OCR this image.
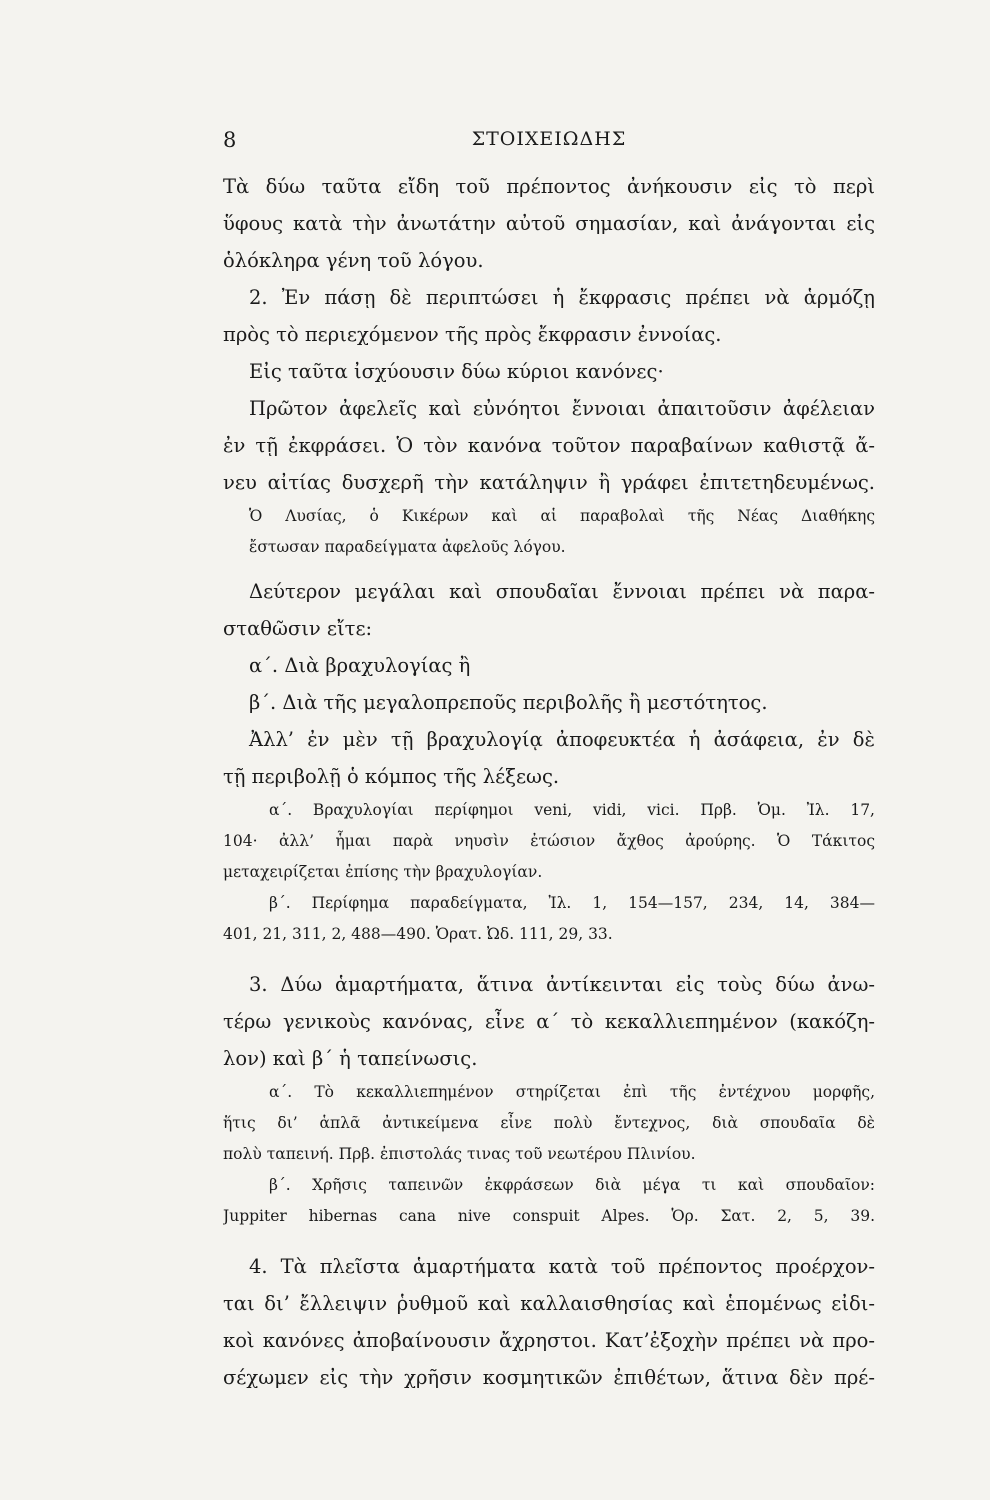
8	ΣΤΟΙΧΕΙΩΔΗΣ
Τὰ δύω ταῦτα εἴδη τοῦ πρέποντος ἀνήκουσιν εἰς τὸ περὶ
ὕφους κατὰ τὴν ἀνωτάτην αὐτοῦ σημασίαν, καὶ ἀνάγονται εἰς
ὁλόκληρα γένη τοῦ λόγου.
2. Ἐν πάσῃ δὲ περιπτώσει ἡ ἔκφρασις πρέπει νὰ ἁρμόζῃ
πρὸς τὸ περιεχόμενον τῆς πρὸς ἔκφρασιν ἐννοίας.
Εἰς ταῦτα ἰσχύουσιν δύω κύριοι κανόνες·
Πρῶτον ἀφελεῖς καὶ εὐνόητοι ἔννοιαι ἀπαιτοῦσιν ἀφέλειαν
ἐν τῇ ἐκφράσει. Ὁ τὸν κανόνα τοῦτον παραβαίνων καθιστᾷ ἄ-
νευ αἰτίας δυσχερῆ τὴν κατάληψιν ἢ γράφει ἐπιτετηδευμένως.
Ὁ Λυσίας, ὁ Κικέρων καὶ αἱ παραβολαὶ τῆς Νέας Διαθήκης
ἔστωσαν παραδείγματα ἀφελοῦς λόγου.
Δεύτερον μεγάλαι καὶ σπουδαῖαι ἔννοιαι πρέπει νὰ παρα-
σταθῶσιν εἴτε:
α΄. Διὰ βραχυλογίας ἢ
β΄. Διὰ τῆς μεγαλοπρεποῦς περιβολῆς ἢ μεστότητος.
Ἀλλ’ ἐν μὲν τῇ βραχυλογίᾳ ἀποφευκτέα ἡ ἀσάφεια, ἐν δὲ
τῇ περιβολῇ ὁ κόμπος τῆς λέξεως.
α΄. Βραχυλογίαι περίφημοι veni, vidi, vici. Πρβ. Ὁμ. Ἰλ. 17,
104· ἀλλ’ ἧμαι παρὰ νηυσὶν ἐτώσιον ἄχθος ἀρούρης. Ὁ Τάκιτος
μεταχειρίζεται ἐπίσης τὴν βραχυλογίαν.
β΄. Περίφημα παραδείγματα, Ἰλ. 1, 154—157, 234, 14, 384—
401, 21, 311, 2, 488—490. Ὁρατ. Ὠδ. 111, 29, 33.
3. Δύω ἁμαρτήματα, ἅτινα ἀντίκεινται εἰς τοὺς δύω ἀνω-
τέρω γενικοὺς κανόνας, εἶνε α΄ τὸ κεκαλλιεπημένον (κακόζη-
λον) καὶ β΄ ἡ ταπείνωσις.
α΄. Τὸ κεκαλλιεπημένον στηρίζεται ἐπὶ τῆς ἐντέχνου μορφῆς,
ἥτις δι’ ἁπλᾶ ἀντικείμενα εἶνε πολὺ ἔντεχνος, διὰ σπουδαῖα δὲ
πολὺ ταπεινή. Πρβ. ἐπιστολάς τινας τοῦ νεωτέρου Πλινίου.
β΄. Χρῆσις ταπεινῶν ἐκφράσεων διὰ μέγα τι καὶ σπουδαῖον:
Juppiter hibernas cana nive conspuit Alpes. Ὁρ. Σατ. 2, 5, 39.
4. Τὰ πλεῖστα ἁμαρτήματα κατὰ τοῦ πρέποντος προέρχον-
ται δι’ ἔλλειψιν ῥυθμοῦ καὶ καλλαισθησίας καὶ ἑπομένως εἰδι-
κοὶ κανόνες ἀποβαίνουσιν ἄχρηστοι. Κατ’ἐξοχὴν πρέπει νὰ προ-
σέχωμεν εἰς τὴν χρῆσιν κοσμητικῶν ἐπιθέτων, ἅτινα δὲν πρέ-
